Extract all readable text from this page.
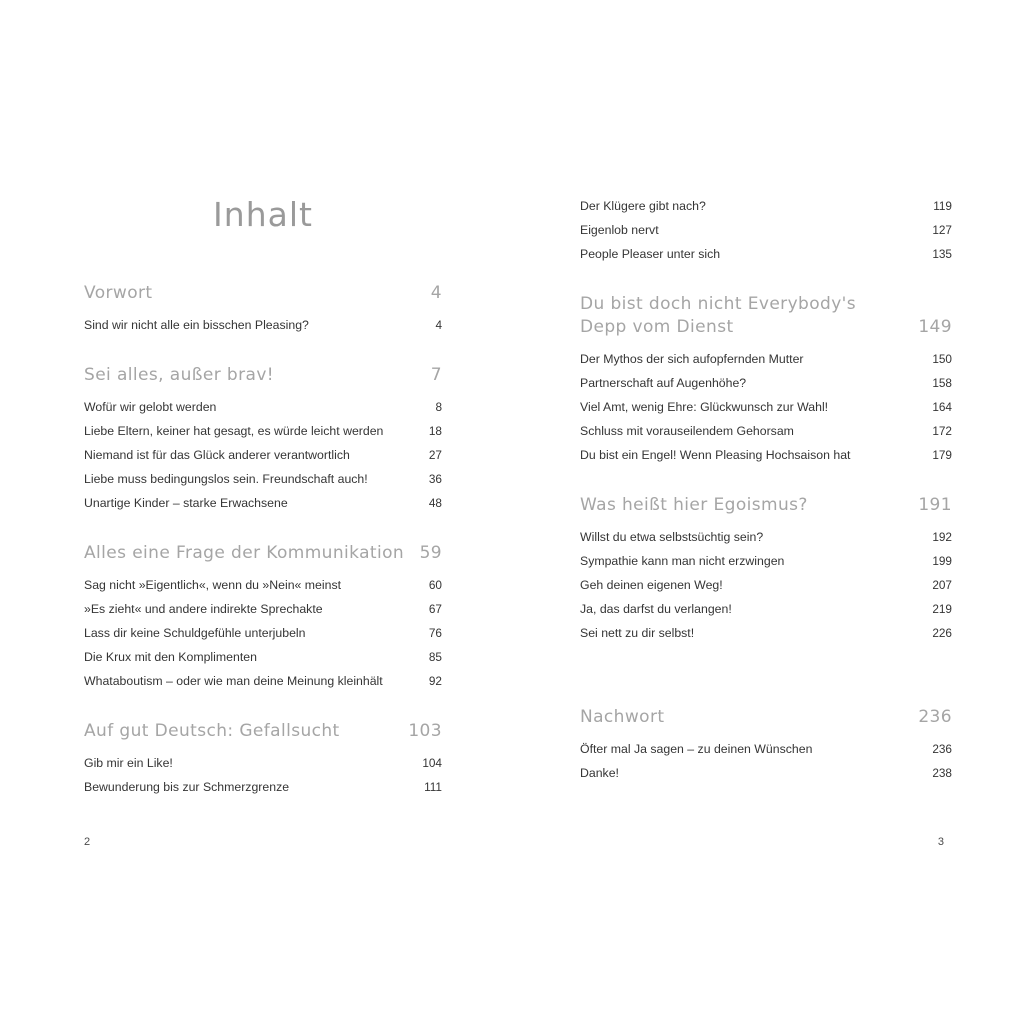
Inhalt
Vorwort	4
Sind wir nicht alle ein bisschen Pleasing?	4
Sei alles, außer brav!	7
Wofür wir gelobt werden	8
Liebe Eltern, keiner hat gesagt, es würde leicht werden	18
Niemand ist für das Glück anderer verantwortlich	27
Liebe muss bedingungslos sein. Freundschaft auch!	36
Unartige Kinder – starke Erwachsene	48
Alles eine Frage der Kommunikation 59
Sag nicht »Eigentlich«, wenn du »Nein« meinst	60
»Es zieht« und andere indirekte Sprechakte	67
Lass dir keine Schuldgefühle unterjubeln	76
Die Krux mit den Komplimenten	85
Whataboutism – oder wie man deine Meinung kleinhält	92
Auf gut Deutsch: Gefallsucht	103
Gib mir ein Like!	104
Bewunderung bis zur Schmerzgrenze	111
2
Der Klügere gibt nach?	119
Eigenlob nervt	127
People Pleaser unter sich	135
Du bist doch nicht Everybody's Depp vom Dienst	149
Der Mythos der sich aufopfernden Mutter	150
Partnerschaft auf Augenhöhe?	158
Viel Amt, wenig Ehre: Glückwunsch zur Wahl!	164
Schluss mit vorauseilendem Gehorsam	172
Du bist ein Engel! Wenn Pleasing Hochsaison hat	179
Was heißt hier Egoismus?	191
Willst du etwa selbstsüchtig sein?	192
Sympathie kann man nicht erzwingen	199
Geh deinen eigenen Weg!	207
Ja, das darfst du verlangen!	219
Sei nett zu dir selbst!	226
Nachwort	236
Öfter mal Ja sagen – zu deinen Wünschen	236
Danke!	238
3
